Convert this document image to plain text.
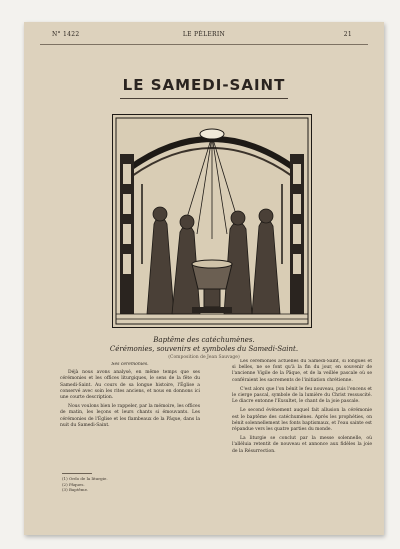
N° 1422	LE PÈLERIN	21
LE SAMEDI-SAINT
Baptême des catéchumènes.
Cérémonies, souvenirs et symboles du Samedi-Saint.
(Composition de Jean Sauvage)
Ses cérémonies.

Déjà nous avons analysé, en même temps que ses cérémonies et les offices liturgiques, le sens de la fête du Samedi-Saint. Au cours de sa longue histoire, l'Église a conservé avec soin les rites anciens, et nous en donnons ici une courte description.

Nous voulons bien le rappeler, par la mémoire, les offices de matin, les leçons et leurs chants si émouvants. Les cérémonies de l'Église et les flambeaux de la Pâque, dans la nuit du Samedi-Saint.

(1) Ordo de la liturgie.
(2) Pâques.
(3) Baptême.

Les cérémonies actuelles du Samedi-Saint, si longues et si belles, ne se font qu'à la fin du jour, en souvenir de l'ancienne Vigile de la Pâque, et de la veillée pascale où se conféraient les sacrements de l'initiation chrétienne.

C'est alors que l'on bénit le feu nouveau, puis l'encens et le cierge pascal, symbole de la lumière du Christ ressuscité. Le diacre entonne l'Exsultet, le chant de la joie pascale.

Le second événement auquel fait allusion la cérémonie est le baptême des catéchumènes. Après les prophéties, on bénit solennellement les fonts baptismaux, et l'eau sainte est répandue vers les quatre parties du monde.

La liturgie se conclut par la messe solennelle, où l'alléluia retentit de nouveau et annonce aux fidèles la joie de la Résurrection.
